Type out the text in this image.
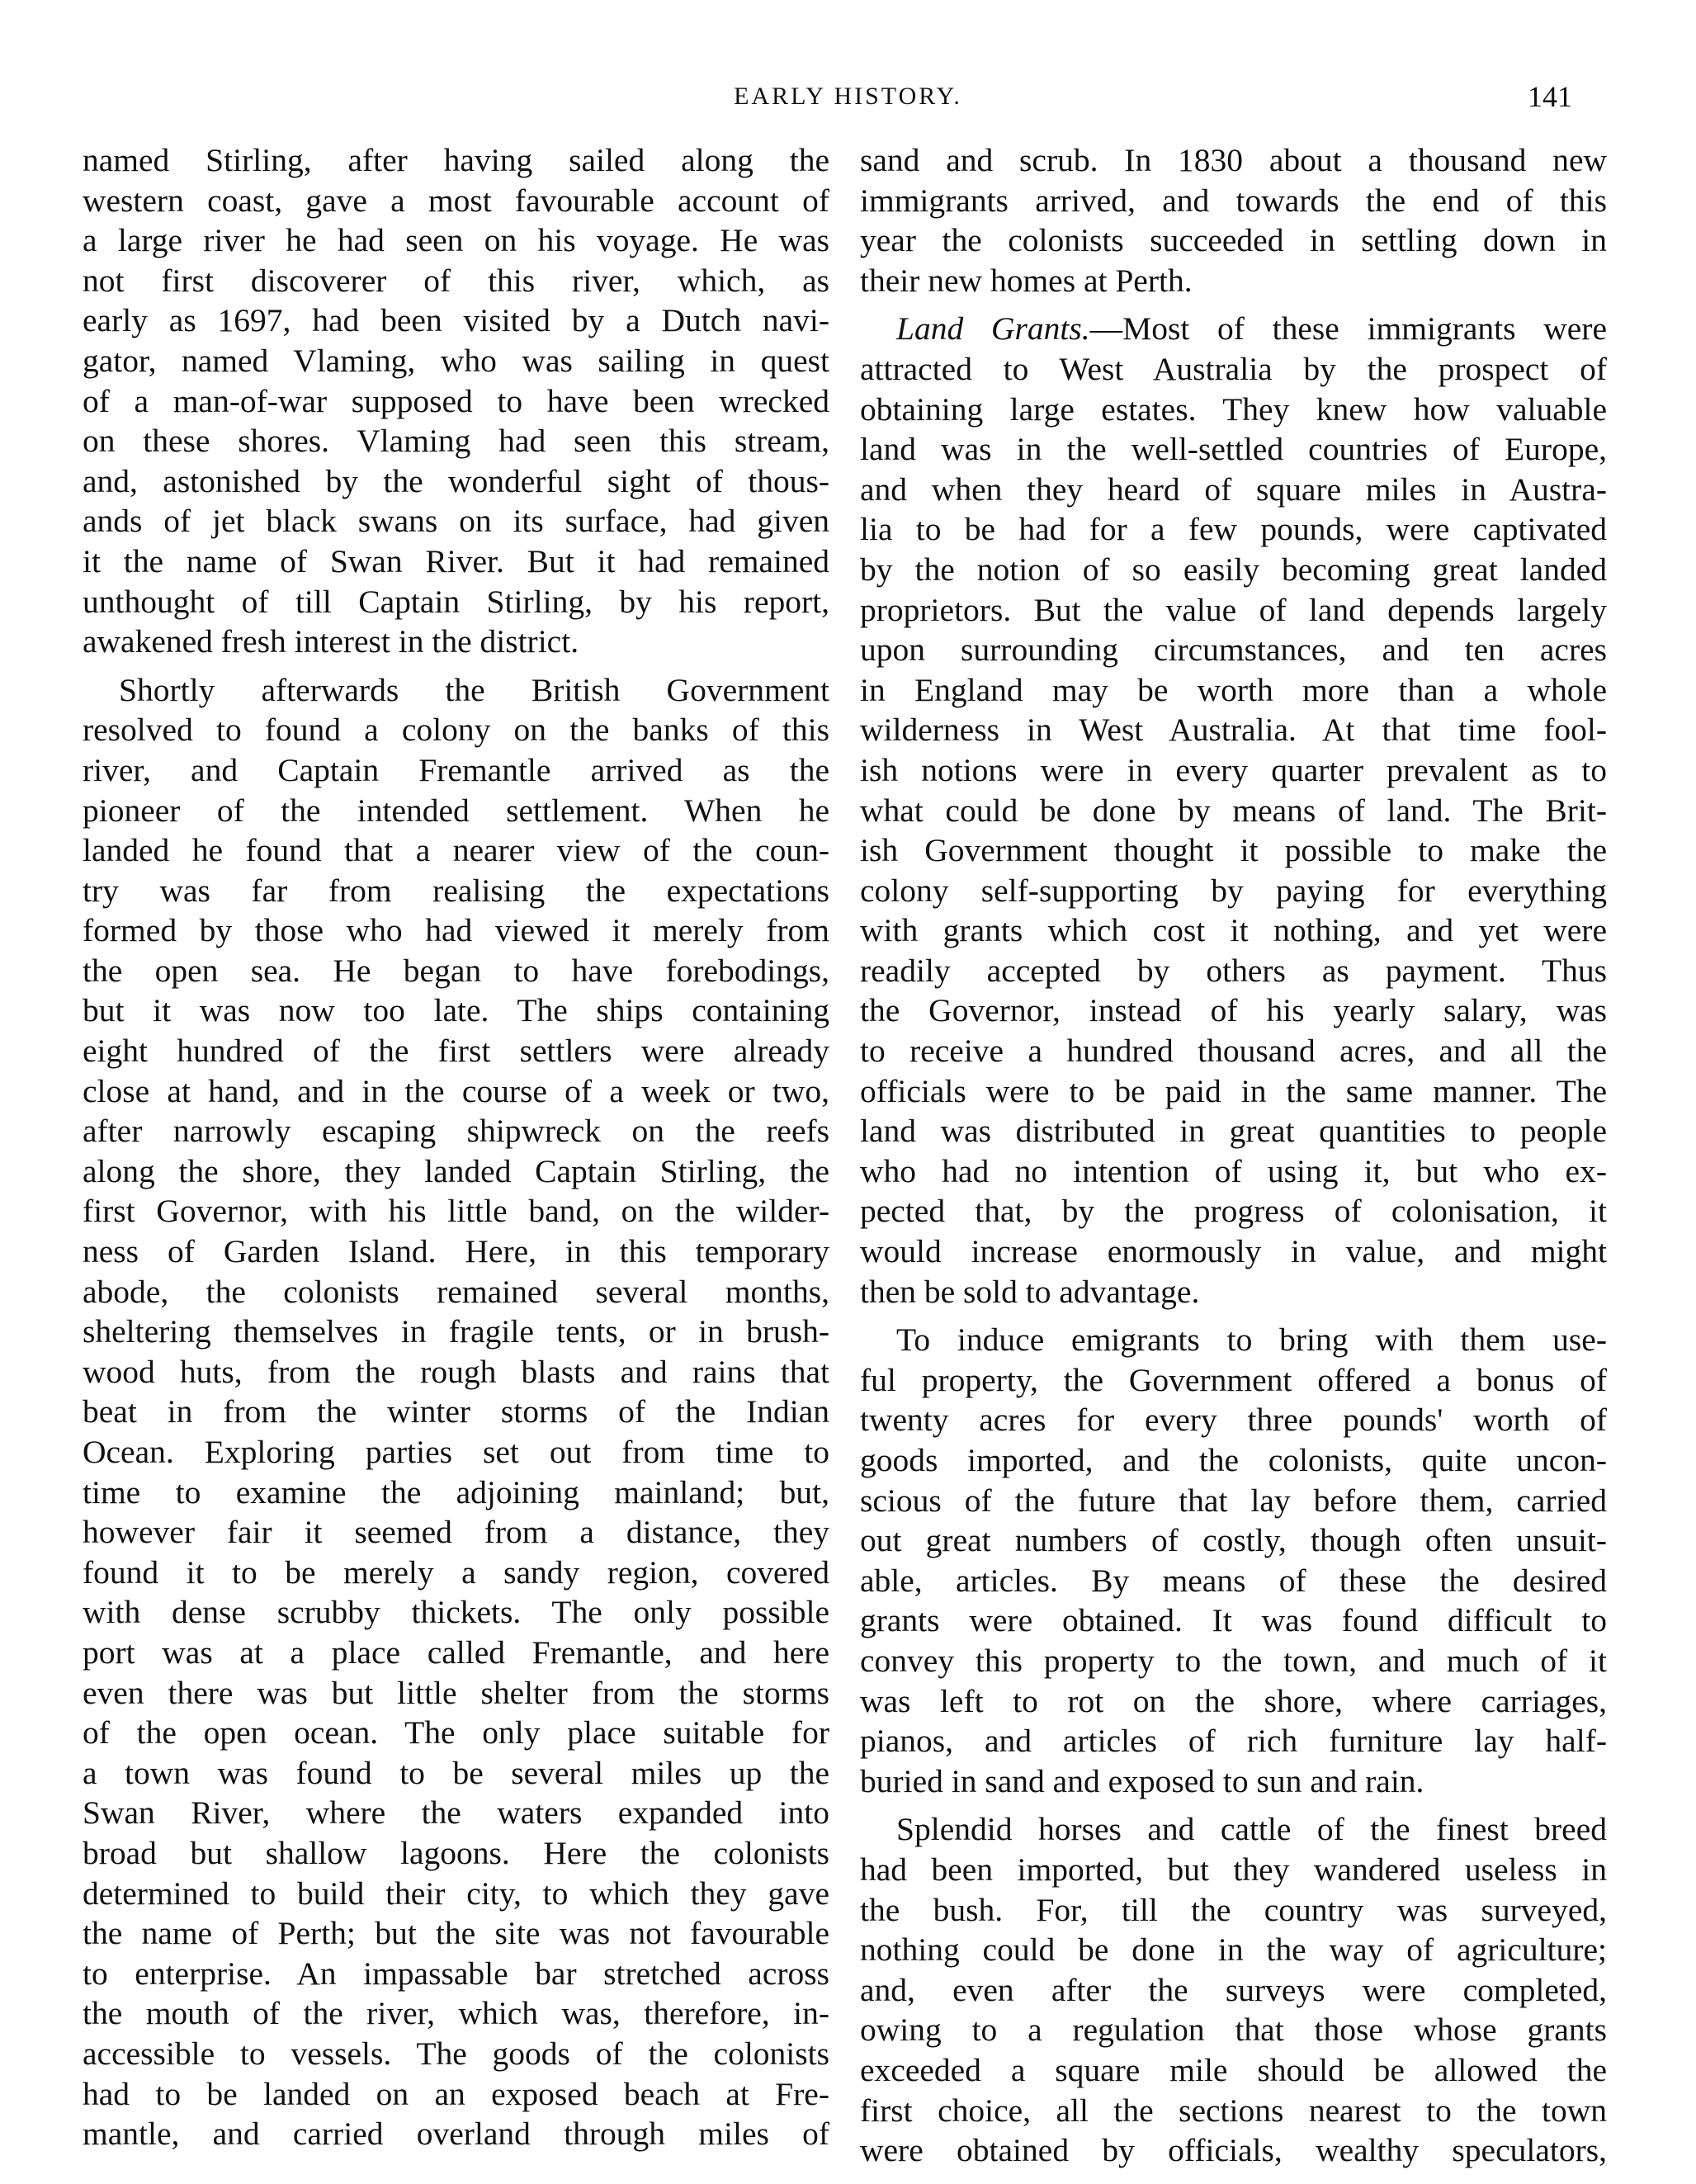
EARLY HISTORY.	141
named Stirling, after having sailed along the
western coast, gave a most favourable account of
a large river he had seen on his voyage. He was
not first discoverer of this river, which, as
early as 1697, had been visited by a Dutch navi-
gator, named Vlaming, who was sailing in quest
of a man-of-war supposed to have been wrecked
on these shores. Vlaming had seen this stream,
and, astonished by the wonderful sight of thous-
ands of jet black swans on its surface, had given
it the name of Swan River. But it had remained
unthought of till Captain Stirling, by his report,
awakened fresh interest in the district.
Shortly afterwards the British Government
resolved to found a colony on the banks of this
river, and Captain Fremantle arrived as the
pioneer of the intended settlement. When he
landed he found that a nearer view of the coun-
try was far from realising the expectations
formed by those who had viewed it merely from
the open sea. He began to have forebodings,
but it was now too late. The ships containing
eight hundred of the first settlers were already
close at hand, and in the course of a week or two,
after narrowly escaping shipwreck on the reefs
along the shore, they landed Captain Stirling, the
first Governor, with his little band, on the wilder-
ness of Garden Island. Here, in this temporary
abode, the colonists remained several months,
sheltering themselves in fragile tents, or in brush-
wood huts, from the rough blasts and rains that
beat in from the winter storms of the Indian
Ocean. Exploring parties set out from time to
time to examine the adjoining mainland; but,
however fair it seemed from a distance, they
found it to be merely a sandy region, covered
with dense scrubby thickets. The only possible
port was at a place called Fremantle, and here
even there was but little shelter from the storms
of the open ocean. The only place suitable for
a town was found to be several miles up the
Swan River, where the waters expanded into
broad but shallow lagoons. Here the colonists
determined to build their city, to which they gave
the name of Perth; but the site was not favourable
to enterprise. An impassable bar stretched across
the mouth of the river, which was, therefore, in-
accessible to vessels. The goods of the colonists
had to be landed on an exposed beach at Fre-
mantle, and carried overland through miles of
sand and scrub. In 1830 about a thousand new
immigrants arrived, and towards the end of this
year the colonists succeeded in settling down in
their new homes at Perth.
Land Grants.—Most of these immigrants were
attracted to West Australia by the prospect of
obtaining large estates. They knew how valuable
land was in the well-settled countries of Europe,
and when they heard of square miles in Austra-
lia to be had for a few pounds, were captivated
by the notion of so easily becoming great landed
proprietors. But the value of land depends largely
upon surrounding circumstances, and ten acres
in England may be worth more than a whole
wilderness in West Australia. At that time fool-
ish notions were in every quarter prevalent as to
what could be done by means of land. The Brit-
ish Government thought it possible to make the
colony self-supporting by paying for everything
with grants which cost it nothing, and yet were
readily accepted by others as payment. Thus
the Governor, instead of his yearly salary, was
to receive a hundred thousand acres, and all the
officials were to be paid in the same manner. The
land was distributed in great quantities to people
who had no intention of using it, but who ex-
pected that, by the progress of colonisation, it
would increase enormously in value, and might
then be sold to advantage.
To induce emigrants to bring with them use-
ful property, the Government offered a bonus of
twenty acres for every three pounds' worth of
goods imported, and the colonists, quite uncon-
scious of the future that lay before them, carried
out great numbers of costly, though often unsuit-
able, articles. By means of these the desired
grants were obtained. It was found difficult to
convey this property to the town, and much of it
was left to rot on the shore, where carriages,
pianos, and articles of rich furniture lay half-
buried in sand and exposed to sun and rain.
Splendid horses and cattle of the finest breed
had been imported, but they wandered useless in
the bush. For, till the country was surveyed,
nothing could be done in the way of agriculture;
and, even after the surveys were completed,
owing to a regulation that those whose grants
exceeded a square mile should be allowed the
first choice, all the sections nearest to the town
were obtained by officials, wealthy speculators,
